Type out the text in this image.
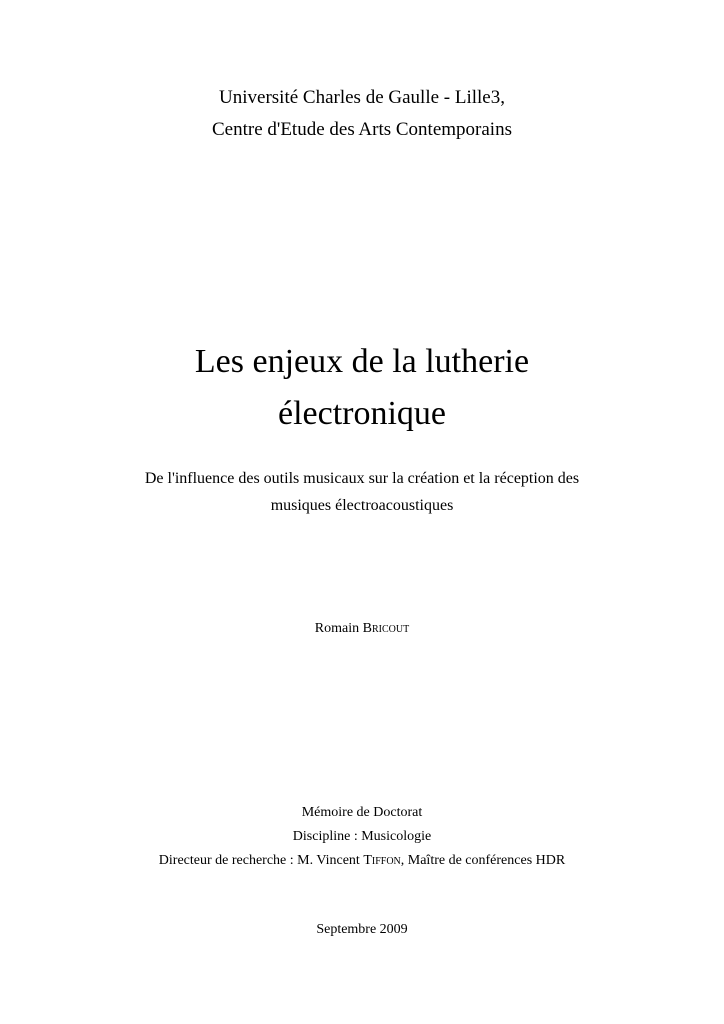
Université Charles de Gaulle - Lille3,
Centre d'Etude des Arts Contemporains
Les enjeux de la lutherie
électronique
De l'influence des outils musicaux sur la création et la réception des
musiques électroacoustiques
Romain Bricout
Mémoire de Doctorat
Discipline : Musicologie
Directeur de recherche : M. Vincent Tiffon, Maître de conférences HDR
Septembre 2009
